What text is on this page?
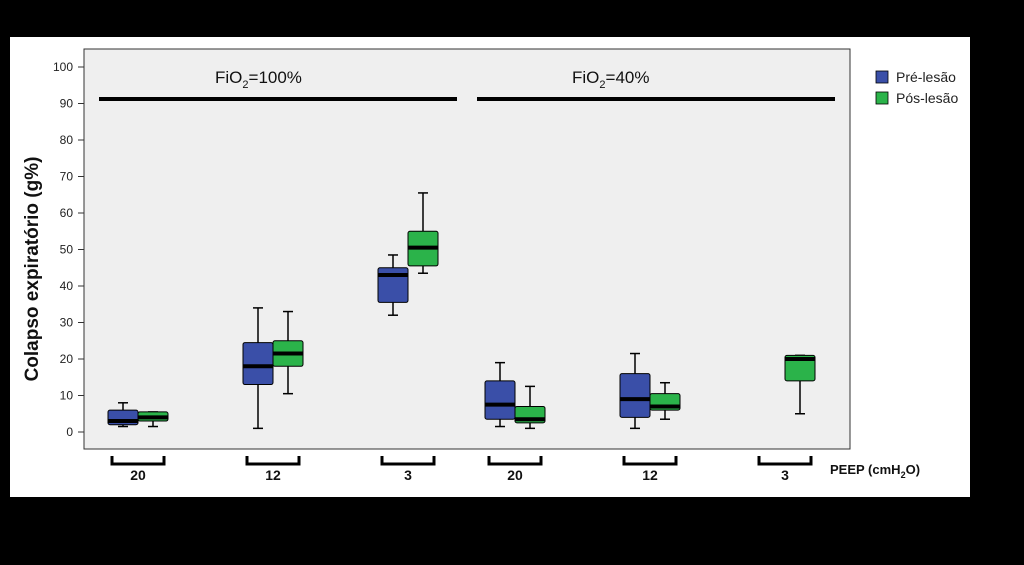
0
10
20
30
40
50
60
70
80
90
100
Colapso expiratório (g%)
FiO$_2$=100%	FiO$_2$=40%
20	12	3	20	12	3	PEEP (cmH$_2$O)
Pré-lesão
Pós-lesão
